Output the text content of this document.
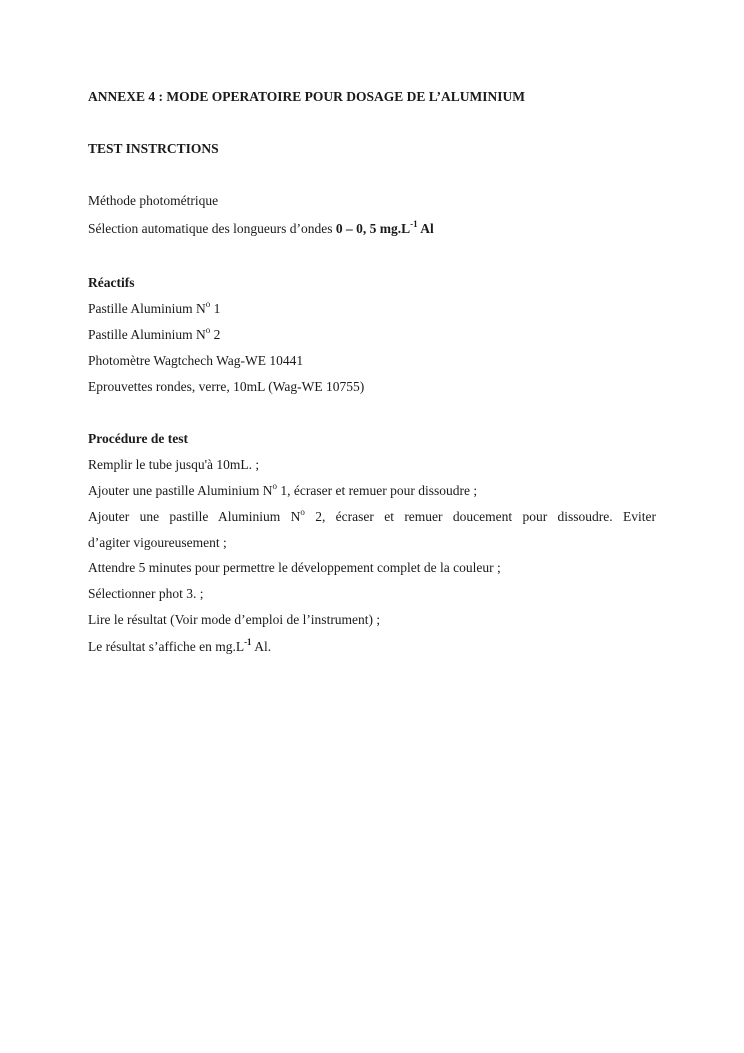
ANNEXE 4 : MODE OPERATOIRE POUR DOSAGE DE L’ALUMINIUM
TEST INSTRCTIONS
Méthode photométrique
Sélection automatique des longueurs d’ondes 0 – 0, 5 $mg.L^{-1}$ Al
Réactifs
Pastille Aluminium $N^o$ 1
Pastille Aluminium $N^o$ 2
Photomètre Wagtchech Wag-WE 10441
Eprouvettes rondes, verre, 10mL (Wag-WE 10755)
Procédure de test
Remplir le tube jusqu'à 10mL. ;
Ajouter une pastille Aluminium $N^o$ 1, écraser et remuer pour dissoudre ;
Ajouter une pastille Aluminium $N^o$ 2, écraser et remuer doucement pour dissoudre. Eviter
d’agiter vigoureusement ;
Attendre 5 minutes pour permettre le développement complet de la couleur ;
Sélectionner phot 3. ;
Lire le résultat (Voir mode d’emploi de l’instrument) ;
Le résultat s’affiche en $mg.L^{-1}$ Al.
